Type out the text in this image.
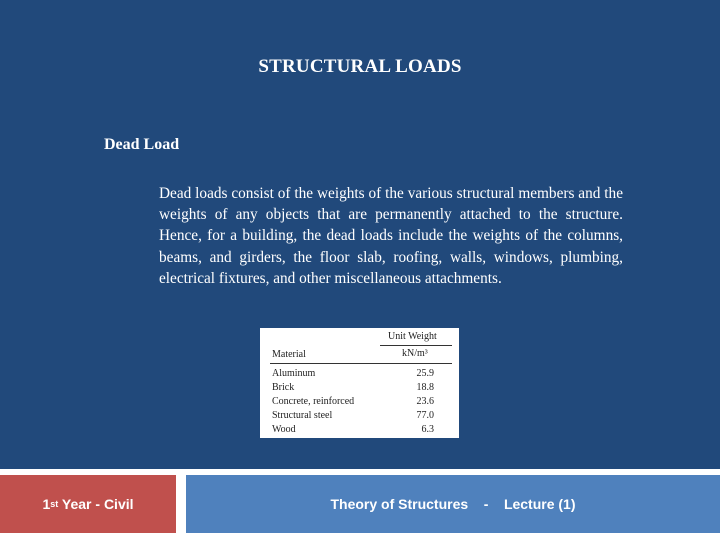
STRUCTURAL LOADS
Dead Load

Dead loads consist of the weights of the various structural members and the weights of any objects that are permanently attached to the structure. Hence, for a building, the dead loads include the weights of the columns, beams, and girders, the floor slab, roofing, walls, windows, plumbing, electrical fixtures, and other miscellaneous attachments.

Unit Weight
Material	kN/m³
Aluminum	25.9
Brick	18.8
Concrete, reinforced	23.6
Structural steel	77.0
Wood	6.3
1 st Year - Civil	Theory of Structures    -    Lecture (1)
